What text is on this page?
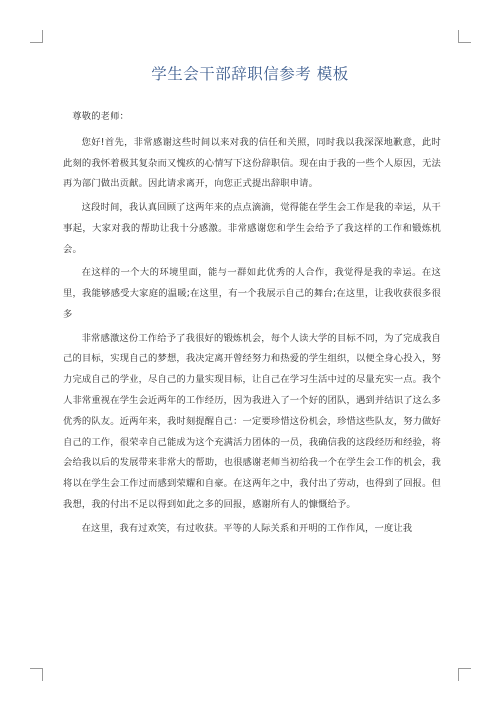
学生会干部辞职信参考 模板

尊敬的老师：

您好!首先，非常感谢这些时间以来对我的信任和关照，同时我以我深深地歉意，此时此刻的我怀着极其复杂而又愧疚的心情写下这份辞职信。现在由于我的一些个人原因，无法再为部门做出贡献。因此请求离开，向您正式提出辞职申请。

这段时间，我认真回顾了这两年来的点点滴滴，觉得能在学生会工作是我的幸运，从干事起，大家对我的帮助让我十分感激。非常感谢您和学生会给予了我这样的工作和锻炼机会。

在这样的一个大的环境里面，能与一群如此优秀的人合作，我觉得是我的幸运。在这里，我能够感受大家庭的温暖;在这里，有一个我展示自己的舞台;在这里，让我收获很多很多

非常感激这份工作给予了我很好的锻炼机会，每个人读大学的目标不同，为了完成我自己的目标，实现自己的梦想，我决定离开曾经努力和热爱的学生组织，以便全身心投入，努力完成自己的学业，尽自己的力量实现目标，让自己在学习生活中过的尽量充实一点。我个人非常重视在学生会近两年的工作经历，因为我进入了一个好的团队，遇到并结识了这么多优秀的队友。近两年来，我时刻提醒自己：一定要珍惜这份机会，珍惜这些队友，努力做好自己的工作，很荣幸自己能成为这个充满活力团体的一员，我确信我的这段经历和经验，将会给我以后的发展带来非常大的帮助，也很感谢老师当初给我一个在学生会工作的机会，我将以在学生会工作过而感到荣耀和自豪。在这两年之中，我付出了劳动，也得到了回报。但我想，我的付出不足以得到如此之多的回报，感谢所有人的慷慨给予。

在这里，我有过欢笑，有过收获。平等的人际关系和开明的工作作风，一度让我
